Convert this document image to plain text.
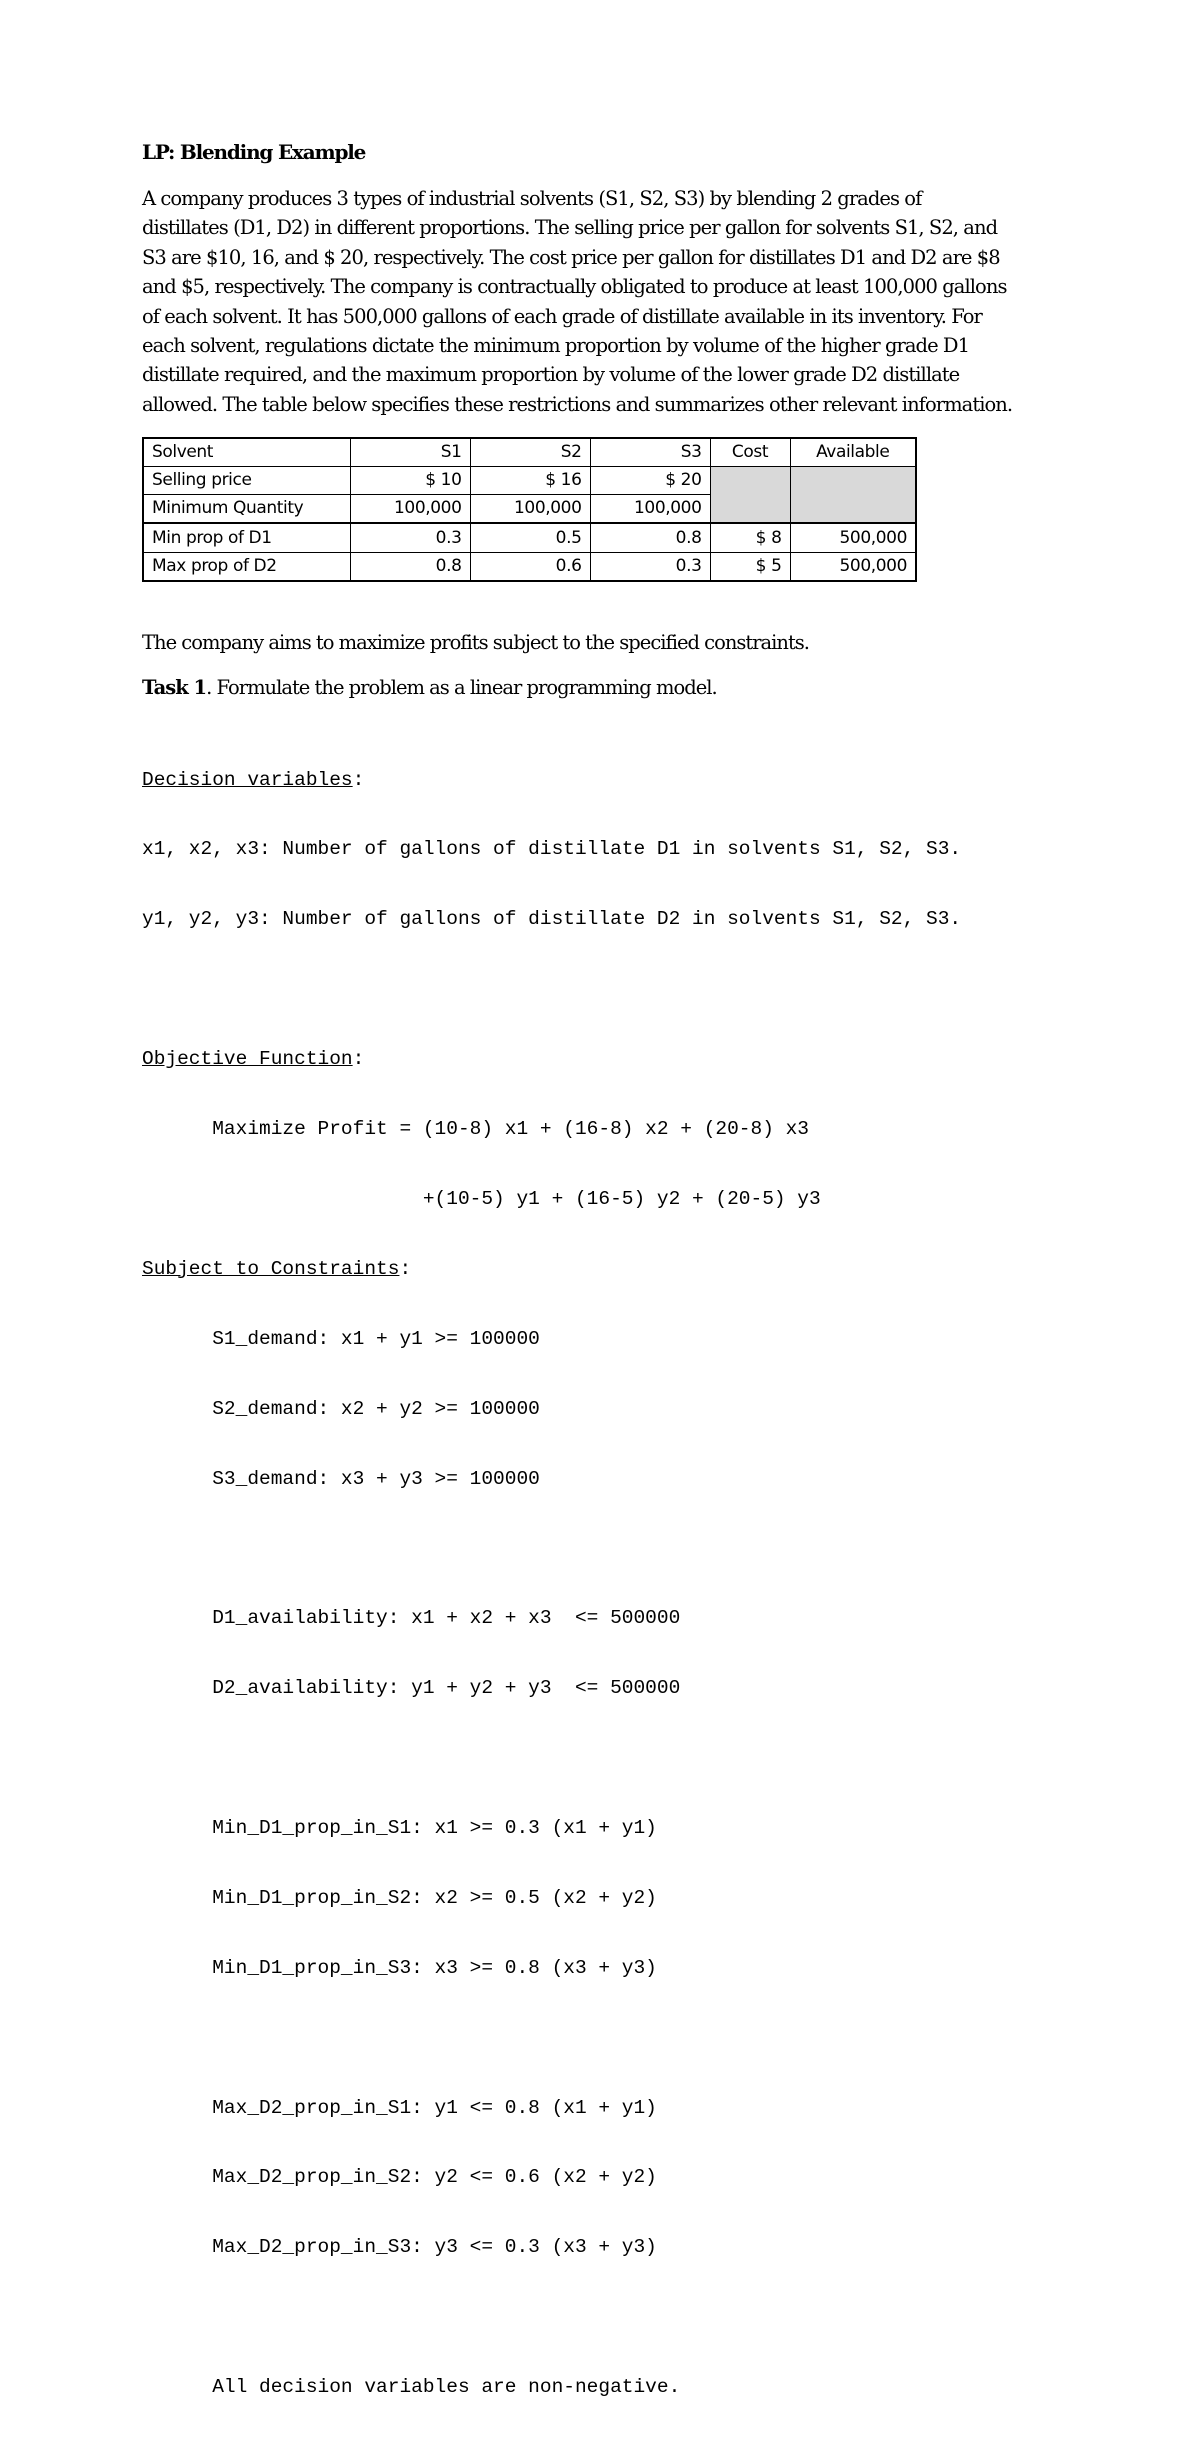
LP: Blending Example
A company produces 3 types of industrial solvents (S1, S2, S3) by blending 2 grades of
distillates (D1, D2) in different proportions. The selling price per gallon for solvents S1, S2, and
S3 are $10, 16, and $ 20, respectively. The cost price per gallon for distillates D1 and D2 are $8
and $5, respectively. The company is contractually obligated to produce at least 100,000 gallons
of each solvent. It has 500,000 gallons of each grade of distillate available in its inventory. For
each solvent, regulations dictate the minimum proportion by volume of the higher grade D1
distillate required, and the maximum proportion by volume of the lower grade D2 distillate
allowed. The table below specifies these restrictions and summarizes other relevant information.
Solvent	S1	S2	S3	Cost	Available
Selling price	$ 10	$ 16	$ 20		
Minimum Quantity	100,000	100,000	100,000		
Min prop of D1	0.3	0.5	0.8	$ 8	500,000
Max prop of D2	0.8	0.6	0.3	$ 5	500,000
The company aims to maximize profits subject to the specified constraints.
Task 1. Formulate the problem as a linear programming model.

Decision variables:

x1, x2, x3: Number of gallons of distillate D1 in solvents S1, S2, S3.

y1, y2, y3: Number of gallons of distillate D2 in solvents S1, S2, S3.

Objective Function:

Maximize Profit = (10-8) x1 + (16-8) x2 + (20-8) x3

+(10-5) y1 + (16-5) y2 + (20-5) y3

Subject to Constraints:

S1_demand: x1 + y1 >= 100000

S2_demand: x2 + y2 >= 100000

S3_demand: x3 + y3 >= 100000

D1_availability: x1 + x2 + x3  <= 500000

D2_availability: y1 + y2 + y3  <= 500000

Min_D1_prop_in_S1: x1 >= 0.3 (x1 + y1)

Min_D1_prop_in_S2: x2 >= 0.5 (x2 + y2)

Min_D1_prop_in_S3: x3 >= 0.8 (x3 + y3)

Max_D2_prop_in_S1: y1 <= 0.8 (x1 + y1)

Max_D2_prop_in_S2: y2 <= 0.6 (x2 + y2)

Max_D2_prop_in_S3: y3 <= 0.3 (x3 + y3)

All decision variables are non-negative.
